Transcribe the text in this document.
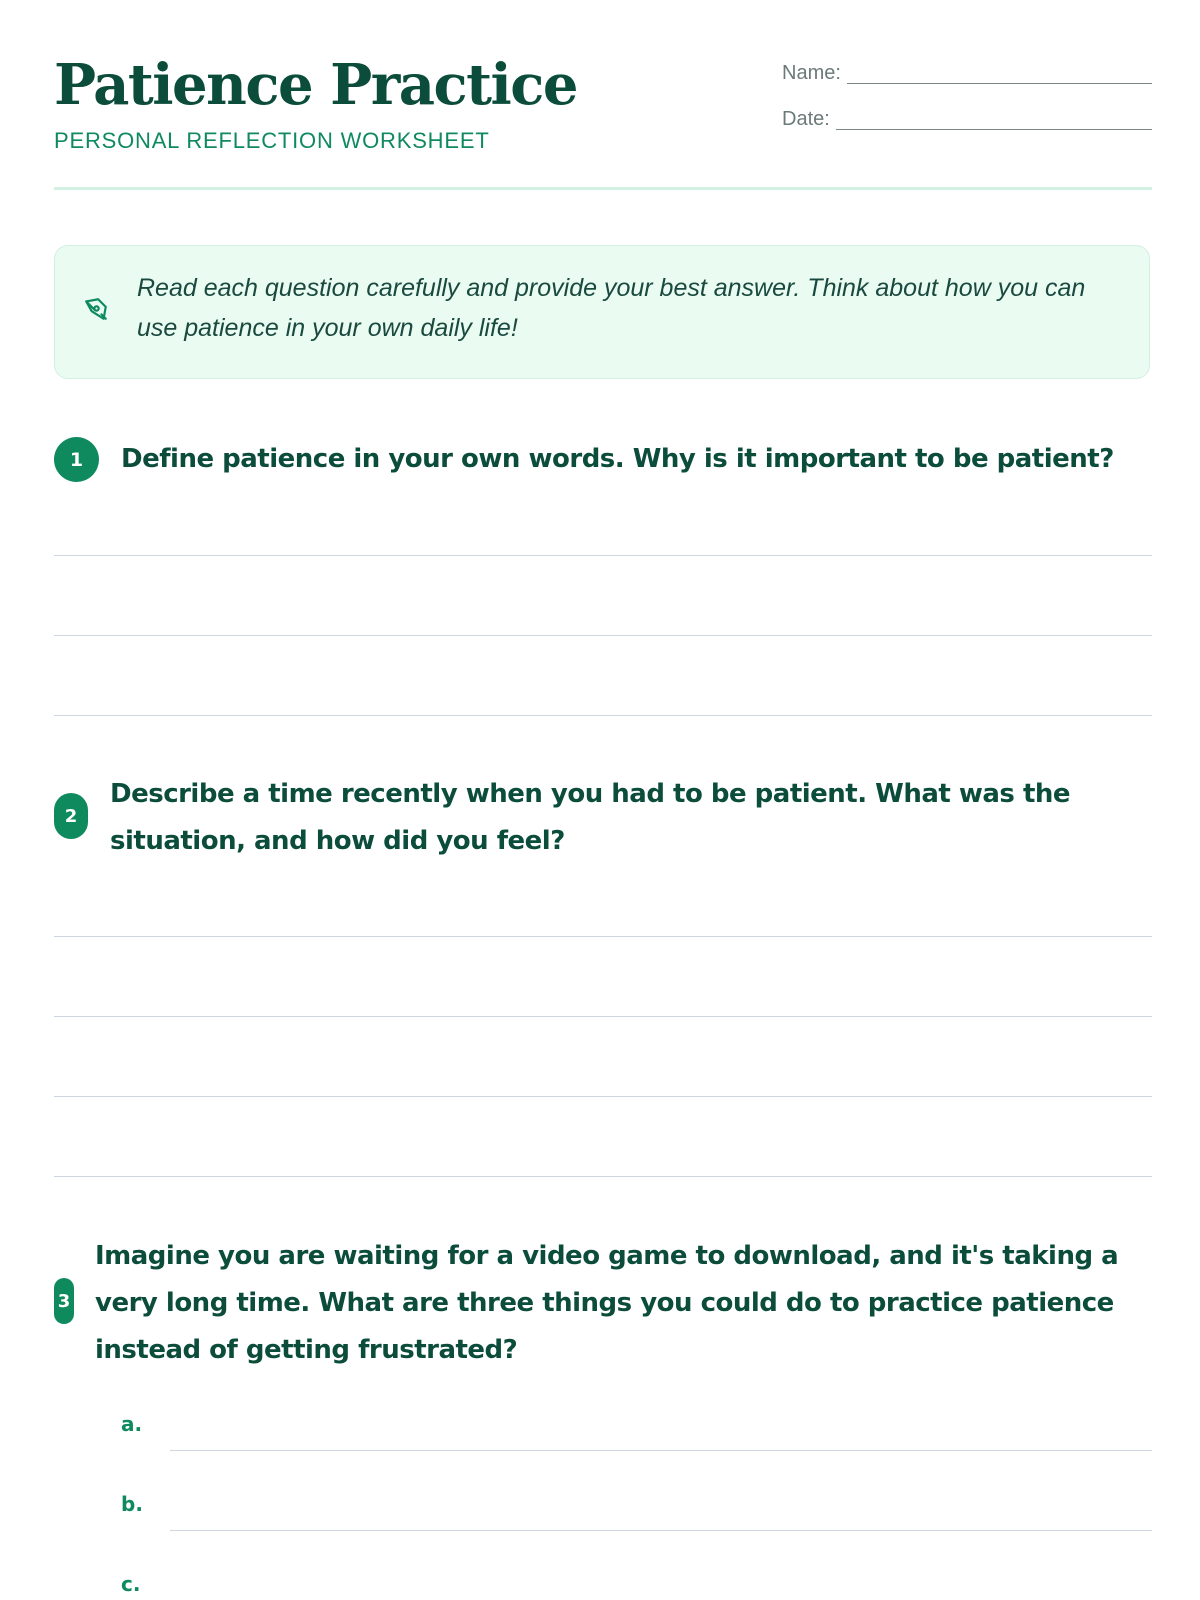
Patience Practice
PERSONAL REFLECTION WORKSHEET
Name:
Date:

Read each question carefully and provide your best answer. Think about how you can use patience in your own daily life!

1	Define patience in your own words. Why is it important to be patient?

2

Describe a time recently when you had to be patient. What was the situation, and how did you feel?

3

Imagine you are waiting for a video game to download, and it's taking a very long time. What are three things you could do to practice patience instead of getting frustrated?

a.
b.
c.
